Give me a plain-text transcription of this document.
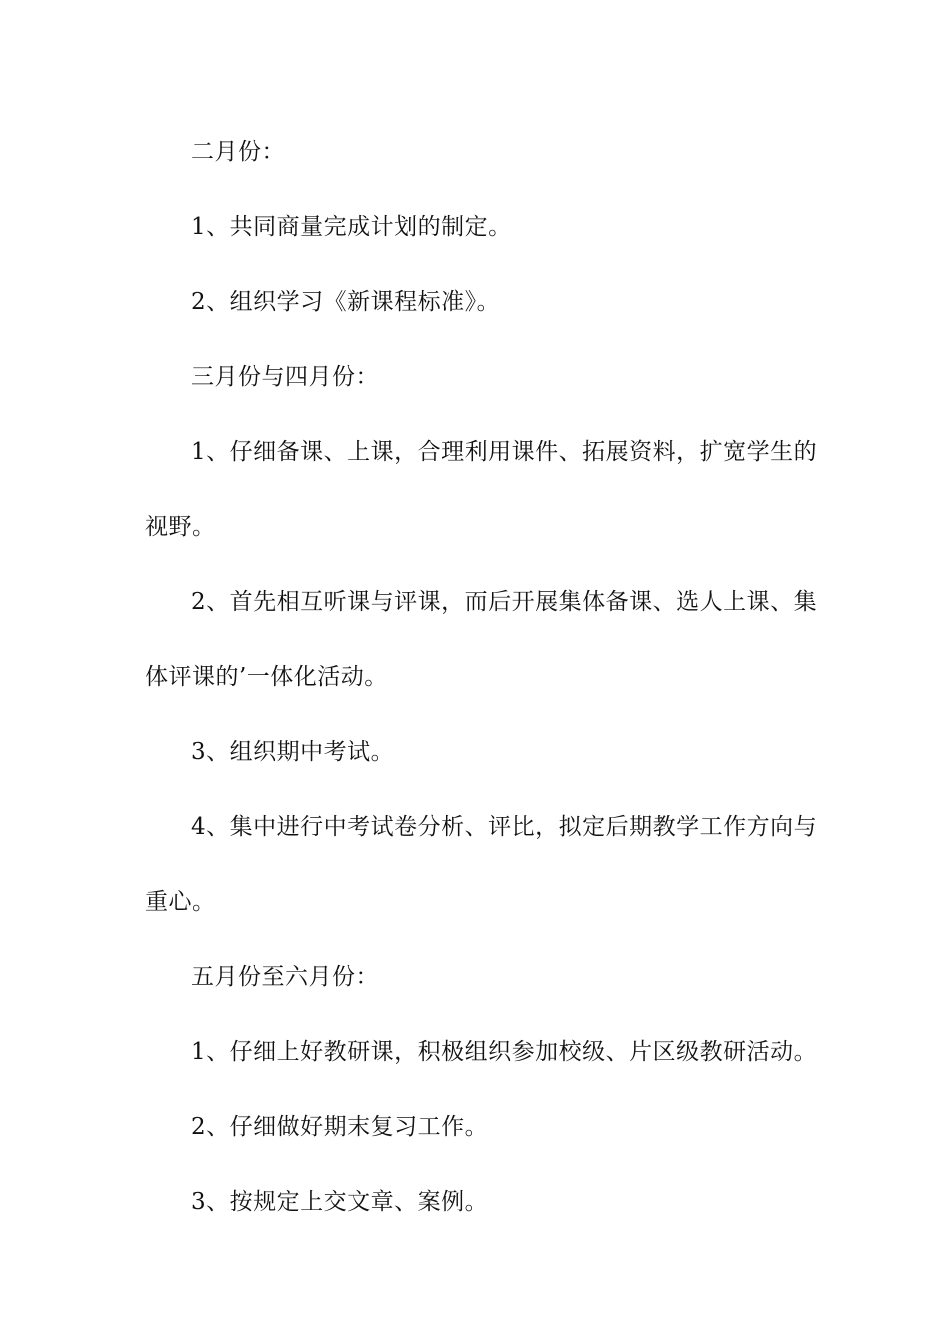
二月份：

1、共同商量完成计划的制定。

2、组织学习《新课程标准》。

三月份与四月份：

1、仔细备课、上课，合理利用课件、拓展资料，扩宽学生的视野。

2、首先相互听课与评课，而后开展集体备课、选人上课、集体评课的’一体化活动。

3、组织期中考试。

4、集中进行中考试卷分析、评比，拟定后期教学工作方向与重心。

五月份至六月份：

1、仔细上好教研课，积极组织参加校级、片区级教研活动。

2、仔细做好期末复习工作。

3、按规定上交文章、案例。
